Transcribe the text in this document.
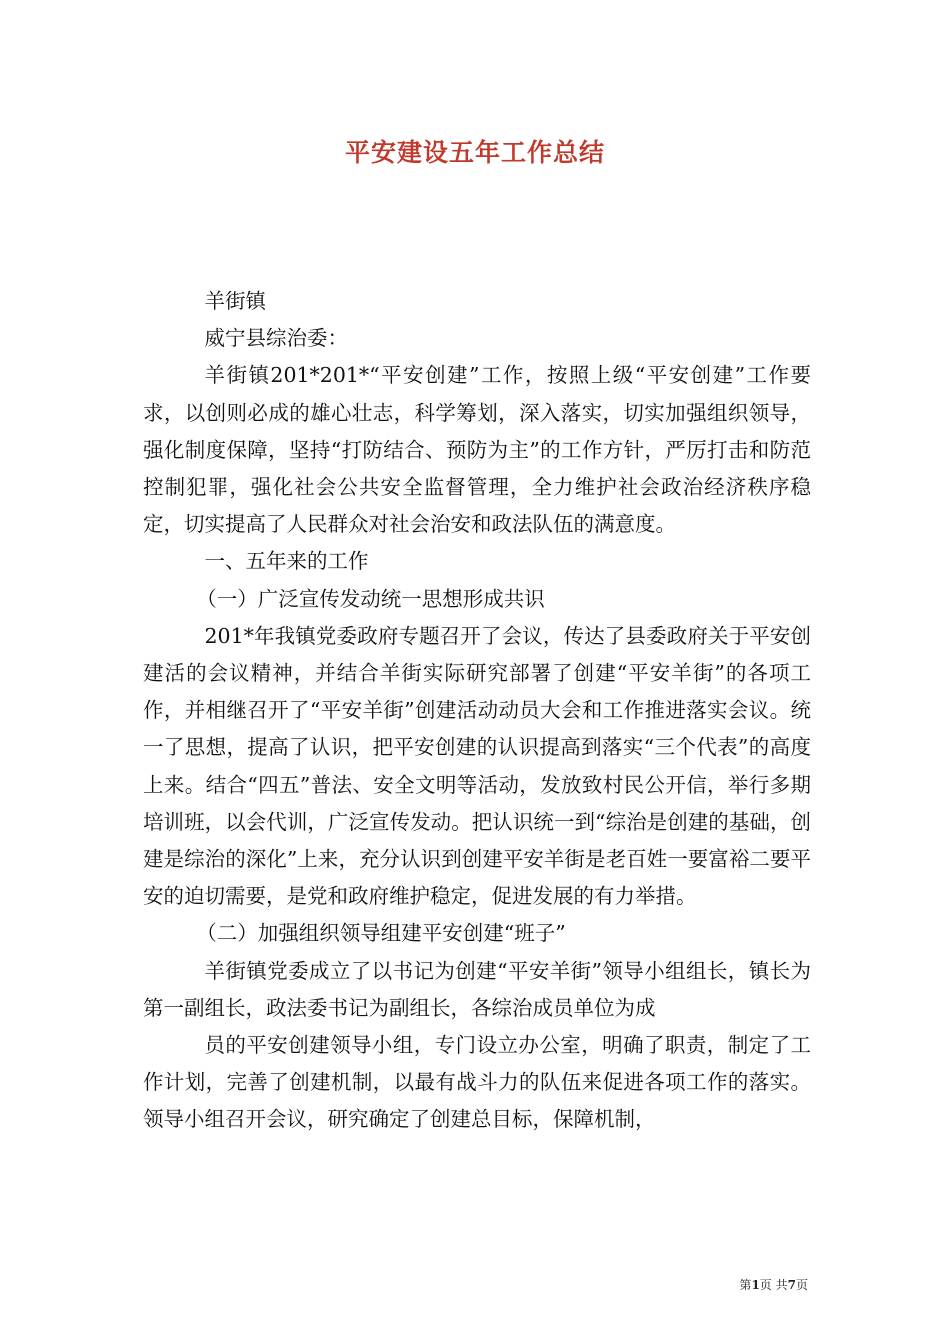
平安建设五年工作总结

羊街镇

威宁县综治委：

羊街镇201*201*“平安创建”工作，按照上级“平安创建”工作要求，以创则必成的雄心壮志，科学筹划，深入落实，切实加强组织领导，强化制度保障，坚持“打防结合、预防为主”的工作方针，严厉打击和防范控制犯罪，强化社会公共安全监督管理，全力维护社会政治经济秩序稳定，切实提高了人民群众对社会治安和政法队伍的满意度。

一、五年来的工作

（一）广泛宣传发动统一思想形成共识

201*年我镇党委政府专题召开了会议，传达了县委政府关于平安创建活的会议精神，并结合羊街实际研究部署了创建“平安羊街”的各项工作，并相继召开了“平安羊街”创建活动动员大会和工作推进落实会议。统一了思想，提高了认识，把平安创建的认识提高到落实“三个代表”的高度上来。结合“四五”普法、安全文明等活动，发放致村民公开信，举行多期培训班，以会代训，广泛宣传发动。把认识统一到“综治是创建的基础，创建是综治的深化”上来，充分认识到创建平安羊街是老百姓一要富裕二要平安的迫切需要，是党和政府维护稳定，促进发展的有力举措。

（二）加强组织领导组建平安创建“班子”

羊街镇党委成立了以书记为创建“平安羊街”领导小组组长，镇长为第一副组长，政法委书记为副组长，各综治成员单位为成

员的平安创建领导小组，专门设立办公室，明确了职责，制定了工作计划，完善了创建机制，以最有战斗力的队伍来促进各项工作的落实。领导小组召开会议，研究确定了创建总目标，保障机制，

第1页 共7页
